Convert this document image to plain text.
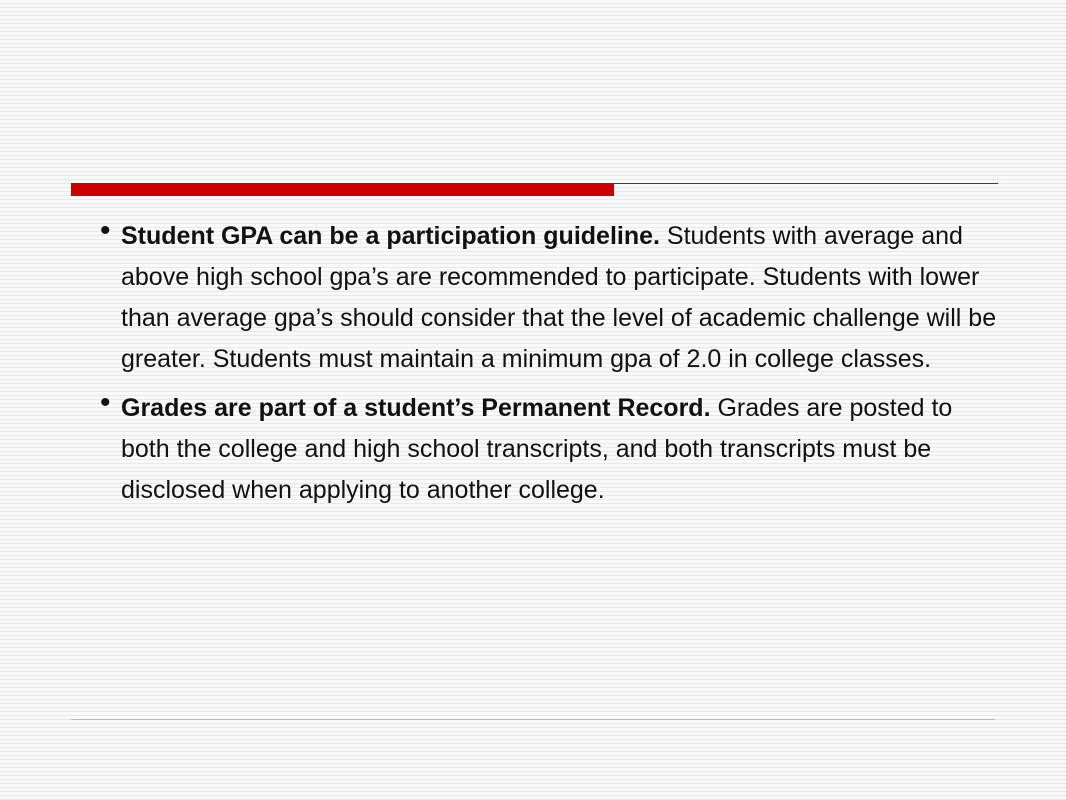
• Student GPA can be a participation guideline. Students with average and above high school gpa’s are recommended to participate. Students with lower than average gpa’s should consider that the level of academic challenge will be greater. Students must maintain a minimum gpa of 2.0 in college classes.
• Grades are part of a student’s Permanent Record. Grades are posted to both the college and high school transcripts, and both transcripts must be disclosed when applying to another college.
